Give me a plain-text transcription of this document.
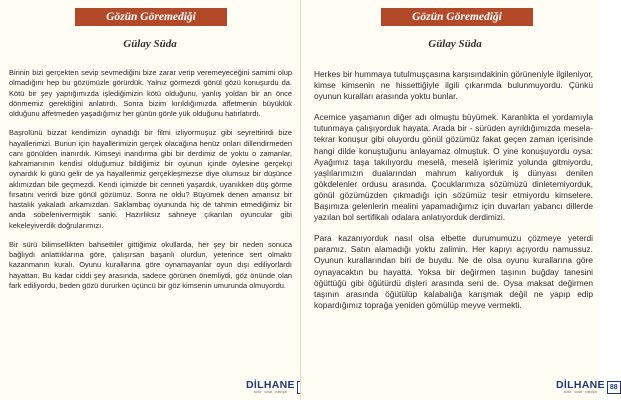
Gözün Göremediği
Gülay Süda

Birinin bizi gerçekten sevip sevmediğini bize zarar verip veremeyeceğini samimi olup olmadığını hep bu gözümüzle görürdük. Yalnız görmezdi gönül gözü konuşurdu da. Kötü bir şey yaptığımızda işlediğimizin kötü olduğunu, yanlış yoldan bir an önce dönmemiz gerektiğini anlatırdı. Sonra bizim kırıldığımızda affetmenin büyüklük olduğunu affetmeden yaşadığımız her günün gönle yük olduğunu hatırlatırdı.

Başrolünü bizzat kendimizin oynadığı bir filmi izliyormuşuz gibi seyrettirirdi bize hayallerimizi. Bunun için hayallerimizin gerçek olacağına henüz onları dillendirmeden canı gönülden inanırdık. Kimseyi inandırma gibi bir derdimiz de yoktu o zamanlar, kahramanının kendisi olduğumuz bildiğimiz bir oyunun içinde öylesine gerçekçi oynardık ki günü gelir de ya hayallerimiz gerçekleşmezse diye olumsuz bir düşünce aklımızdan bile geçmezdi. Kendi içimizde bir cenneti yaşardık, uyanıkken düş görme fırsatını verirdi bize gönül gözümüz. Sonra ne oldu? Büyümek denen amansız bir hastalık yakaladı arkamızdan. Saklambaç oyununda hiç de tahmin etmediğimiz bir anda sobelenivermiştik sanki. Hazırlıksız sahneye çıkarılan oyuncular gibi kekeleyiverdik doğrularımızı.

Bir sürü bilimsellikten bahsettiler gittiğimiz okullarda, her şey bir neden sonuca bağlıydı anlattıklarına göre, çalışırsan başarılı olurdun, yeterince sert olmaktı kazanmanın kuralı. Oyunu kurallarına göre oynamayanlar oyun dışı ediliyorlardı hayattan. Bu kadar ciddi şey arasında, sadece görünen önemliydi, göz önünde olan fark ediliyordu, beden gözü dururken üçüncü bir göz kimsenin umurunda olmuyordu.

DİLHANE
kültür · sanat · edebiyat
Gözün Göremediği
Gülay Süda

Herkes bir hummaya tutulmuşçasına karşısındakinin görüneniyle ilgileniyor, kimse kimsenin ne hissettiğiyle ilgili çıkarımda bulunmuyordu. Çünkü oyunun kuralları arasında yoktu bunlar.

Acemice yaşamanın diğer adı olmuştu büyümek. Karanlıkta el yordamıyla tutunmaya çalışıyorduk hayata. Arada bir - sürüden ayrıldığımızda mesela- tekrar konuşur gibi oluyordu gönül gözümüz fakat geçen zaman içerisinde hangi dilde konuştuğunu anlayamaz olmuştuk. O yine konuşuyordu oysa: Ayağımız taşa takılıyordu meselâ, meselâ işlerimiz yolunda gitmiyordu, yaşlılarımızın dualarından mahrum kalıyorduk iş dünyası denilen gökdelenler ordusu arasında. Çocuklarımıza sözümüzü dinletemiyorduk, gönül gözümüzden çıkmadığı için sözümüz tesir etmiyordu kimselere. Başımıza gelenlerin mealini yapamadığımız için duvarları yabancı dillerde yazılan bol sertifikalı odalara anlatıyorduk derdimizi.

Para kazanıyorduk nasıl olsa elbette durumumuzu çözmeye yeterdi paramız. Satın alamadığı yoktu zalimin. Her kapıyı açıyordu namussuz. Oyunun kurallarından biri de buydu. Ne de olsa oyunu kurallarına göre oynayacaktın bu hayatta. Yoksa bir değirmen taşının buğday tanesini öğüttüğü gibi öğütürdü dişleri arasında seni de. Oysa maksat değirmen taşının arasında öğütülüp kalabalığa karışmak değil ne yapıp edip kopardığımız toprağa yeniden gömülüp meyve vermekti.

DİLHANE
kültür · sanat · edebiyat
88
